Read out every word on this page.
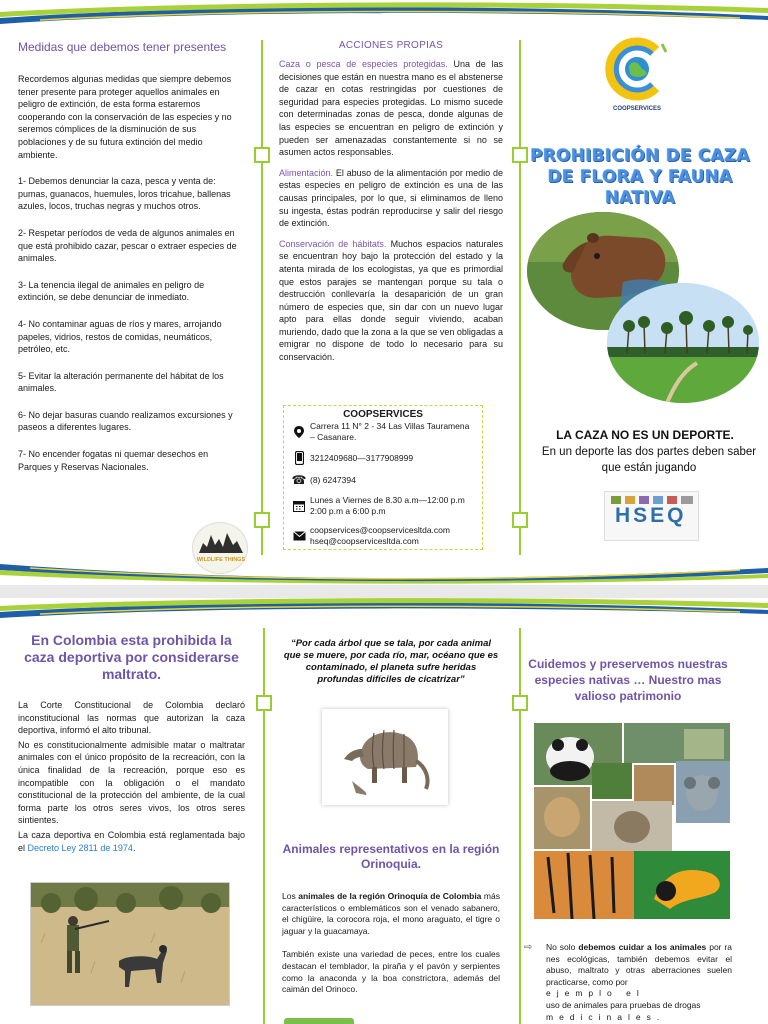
Medidas que debemos tener presentes

Recordemos algunas medidas que siempre debemos tener presente para proteger aquellos animales en peligro de extinción, de esta forma estaremos cooperando con la conservación de las especies y no seremos cómplices de la disminución de sus poblaciones y de su futura extinción del medio ambiente.

1- Debemos denunciar la caza, pesca y venta de: pumas, guanacos, huemules, loros tricahue, ballenas azules, locos, truchas negras y muchos otros.

2- Respetar períodos de veda de algunos animales en que está prohibido cazar, pescar o extraer especies de animales.

3- La tenencia ilegal de animales en peligro de extinción, se debe denunciar de inmediato.

4- No contaminar aguas de ríos y mares, arrojando papeles, vidrios, restos de comidas, neumáticos, petróleo, etc.

5- Evitar la alteración permanente del hábitat de los animales.

6- No dejar basuras cuando realizamos excursiones y paseos a diferentes lugares.

7- No encender fogatas ni quemar desechos en Parques y Reservas Nacionales.

WILDLIFE THINGS
ACCIONES PROPIAS

Caza o pesca de especies protegidas. Una de las decisiones que están en nuestra mano es el abstenerse de cazar en cotas restringidas por cuestiones de seguridad para especies protegidas. Lo mismo sucede con determinadas zonas de pesca, donde algunas de las especies se encuentran en peligro de extinción y pueden ser amenazadas constantemente si no se asumen actos responsables.

Alimentación. El abuso de la alimentación por medio de estas especies en peligro de extinción es una de las causas principales, por lo que, si eliminamos de lleno su ingesta, éstas podrán reproducirse y salir del riesgo de extinción.

Conservación de hábitats. Muchos espacios naturales se encuentran hoy bajo la protección del estado y la atenta mirada de los ecologistas, ya que es primordial que estos parajes se mantengan porque su tala o destrucción conllevaría la desaparición de un gran número de especies que, sin dar con un nuevo lugar apto para ellas donde seguir viviendo, acaban muriendo, dado que la zona a la que se ven obligadas a emigrar no dispone de todo lo necesario para su conservación.

COOPSERVICES
Carrera 11 N° 2 - 34 Las Villas Tauramena – Casanare.
3212409680—3177908999
☎ (8) 6247394
Lunes a Viernes de 8.30 a.m—12:00 p.m 2:00 p.m a 6:00 p.m
coopservices@coopservicesltda.com
hseq@coopservicesltda.com
COOPSERVICES
PROHIBICIÓN DE CAZA DE FLORA Y FAUNA NATIVA
LA CAZA NO ES UN DEPORTE.
En un deporte las dos partes deben saber que están jugando
HSEQ
En Colombia esta prohibida la caza deportiva por considerarse maltrato.

La Corte Constitucional de Colombia declaró inconstitucional las normas que autorizan la caza deportiva, informó el alto tribunal.

No es constitucionalmente admisible matar o maltratar animales con el único propósito de la recreación, con la única finalidad de la recreación, porque eso es incompatible con la obligación o el mandato constitucional de la protección del ambiente, de la cual forma parte los otros seres vivos, los otros seres sintientes.

La caza deportiva en Colombia está reglamentada bajo el Decreto Ley 2811 de 1974.

“Por cada árbol que se tala, por cada animal que se muere, por cada río, mar, océano que es contaminado, el planeta sufre heridas profundas difíciles de cicatrizar”
Animales representativos en la región Orinoquia.

Los animales de la región Orinoquía de Colombia más característicos o emblemáticos son el venado sabanero, el chigüire, la corocora roja, el mono araguato, el tigre o jaguar y la guacamaya.

También existe una variedad de peces, entre los cuales destacan el temblador, la piraña y el pavón y serpientes como la anaconda y la boa constrictora, además del caimán del Orinoco.

Cuidemos y preservemos nuestras especies nativas … Nuestro mas valioso patrimonio
⇨	No solo debemos cuidar a los animales por ra nes ecológicas, también debemos evitar el abuso, maltrato y otras aberraciones suelen practicarse, como por
ejemplo el
uso de animales para pruebas de drogas
medicinales.
